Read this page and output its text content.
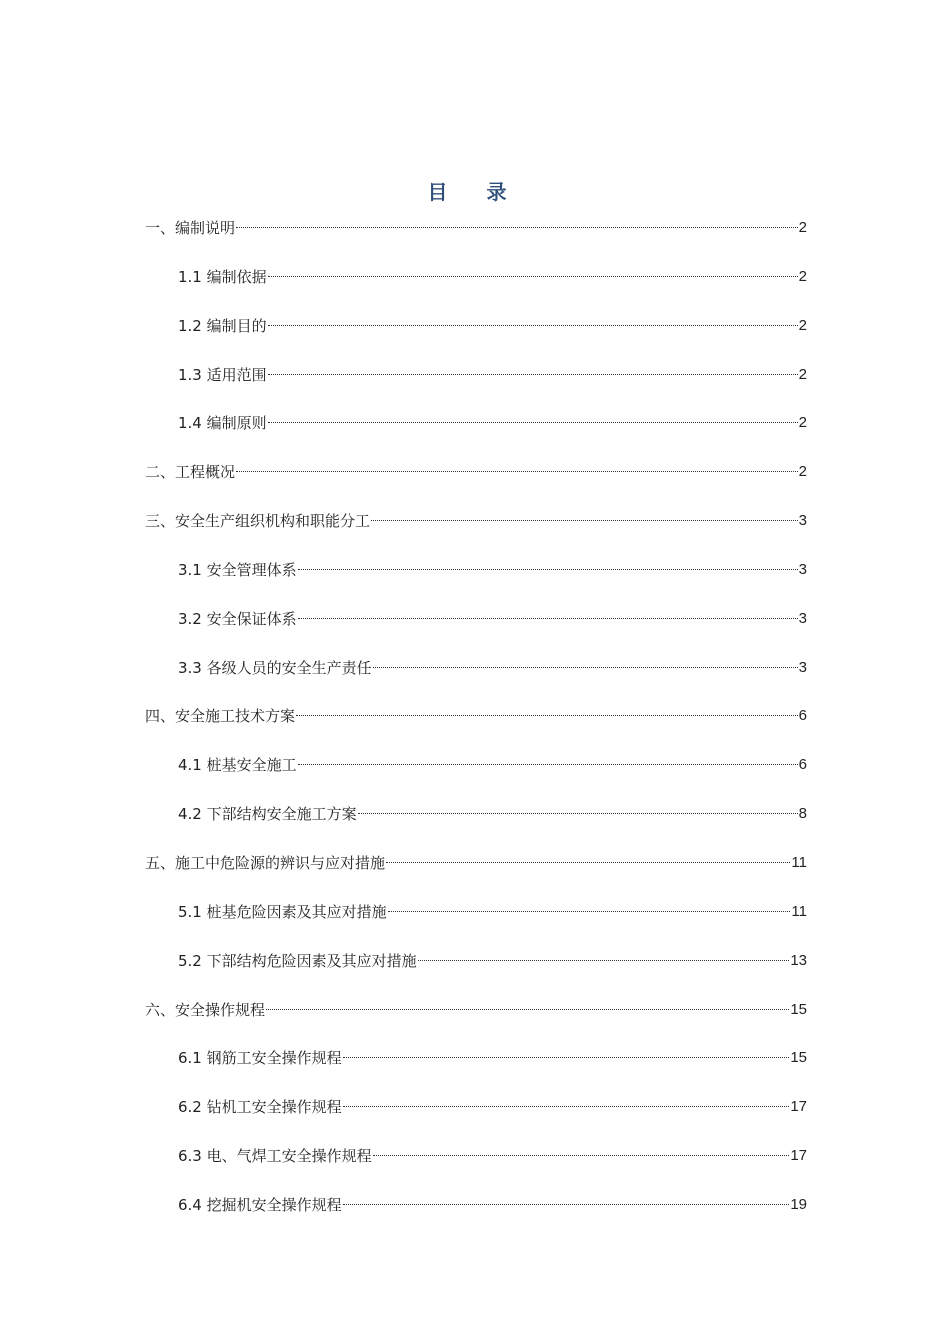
目 录
一、编制说明	2
1.1 编制依据	2
1.2 编制目的	2
1.3 适用范围	2
1.4 编制原则	2
二、工程概况	2
三、安全生产组织机构和职能分工	3
3.1 安全管理体系	3
3.2 安全保证体系	3
3.3 各级人员的安全生产责任	3
四、安全施工技术方案	6
4.1 桩基安全施工	6
4.2 下部结构安全施工方案	8
五、施工中危险源的辨识与应对措施	11
5.1 桩基危险因素及其应对措施	11
5.2 下部结构危险因素及其应对措施	13
六、安全操作规程	15
6.1 钢筋工安全操作规程	15
6.2 钻机工安全操作规程	17
6.3 电、气焊工安全操作规程	17
6.4 挖掘机安全操作规程	19
